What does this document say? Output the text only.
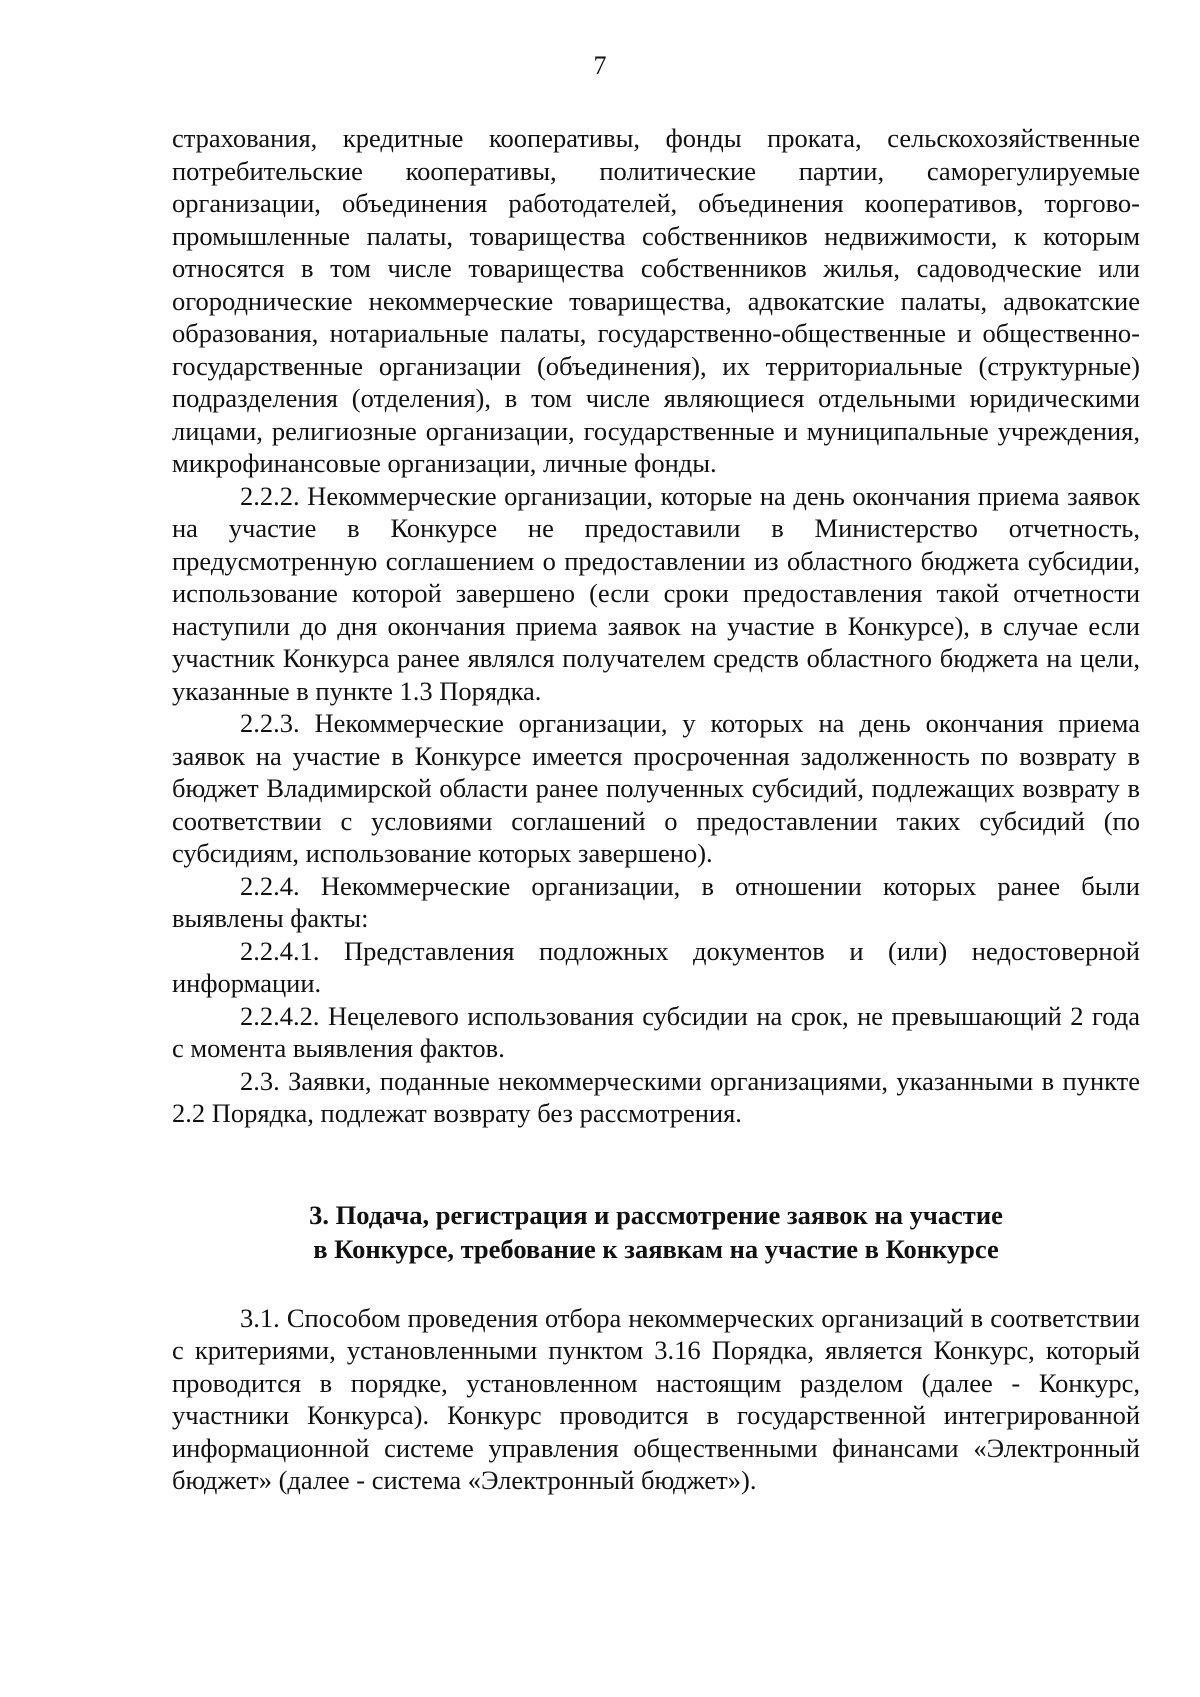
7

страхования, кредитные кооперативы, фонды проката, сельскохозяйственные потребительские кооперативы, политические партии, саморегулируемые организации, объединения работодателей, объединения кооперативов, торгово-промышленные палаты, товарищества собственников недвижимости, к которым относятся в том числе товарищества собственников жилья, садоводческие или огороднические некоммерческие товарищества, адвокатские палаты, адвокатские образования, нотариальные палаты, государственно-общественные и общественно-государственные организации (объединения), их территориальные (структурные) подразделения (отделения), в том числе являющиеся отдельными юридическими лицами, религиозные организации, государственные и муниципальные учреждения, микрофинансовые организации, личные фонды.

2.2.2. Некоммерческие организации, которые на день окончания приема заявок на участие в Конкурсе не предоставили в Министерство отчетность, предусмотренную соглашением о предоставлении из областного бюджета субсидии, использование которой завершено (если сроки предоставления такой отчетности наступили до дня окончания приема заявок на участие в Конкурсе), в случае если участник Конкурса ранее являлся получателем средств областного бюджета на цели, указанные в пункте 1.3 Порядка.

2.2.3. Некоммерческие организации, у которых на день окончания приема заявок на участие в Конкурсе имеется просроченная задолженность по возврату в бюджет Владимирской области ранее полученных субсидий, подлежащих возврату в соответствии с условиями соглашений о предоставлении таких субсидий (по субсидиям, использование которых завершено).

2.2.4. Некоммерческие организации, в отношении которых ранее были выявлены факты:

2.2.4.1. Представления подложных документов и (или) недостоверной информации.

2.2.4.2. Нецелевого использования субсидии на срок, не превышающий 2 года с момента выявления фактов.

2.3. Заявки, поданные некоммерческими организациями, указанными в пункте 2.2 Порядка, подлежат возврату без рассмотрения.

3. Подача, регистрация и рассмотрение заявок на участие
в Конкурсе, требование к заявкам на участие в Конкурсе

3.1. Способом проведения отбора некоммерческих организаций в соответствии с критериями, установленными пунктом 3.16 Порядка, является Конкурс, который проводится в порядке, установленном настоящим разделом (далее - Конкурс, участники Конкурса). Конкурс проводится в государственной интегрированной информационной системе управления общественными финансами «Электронный бюджет» (далее - система «Электронный бюджет»).
